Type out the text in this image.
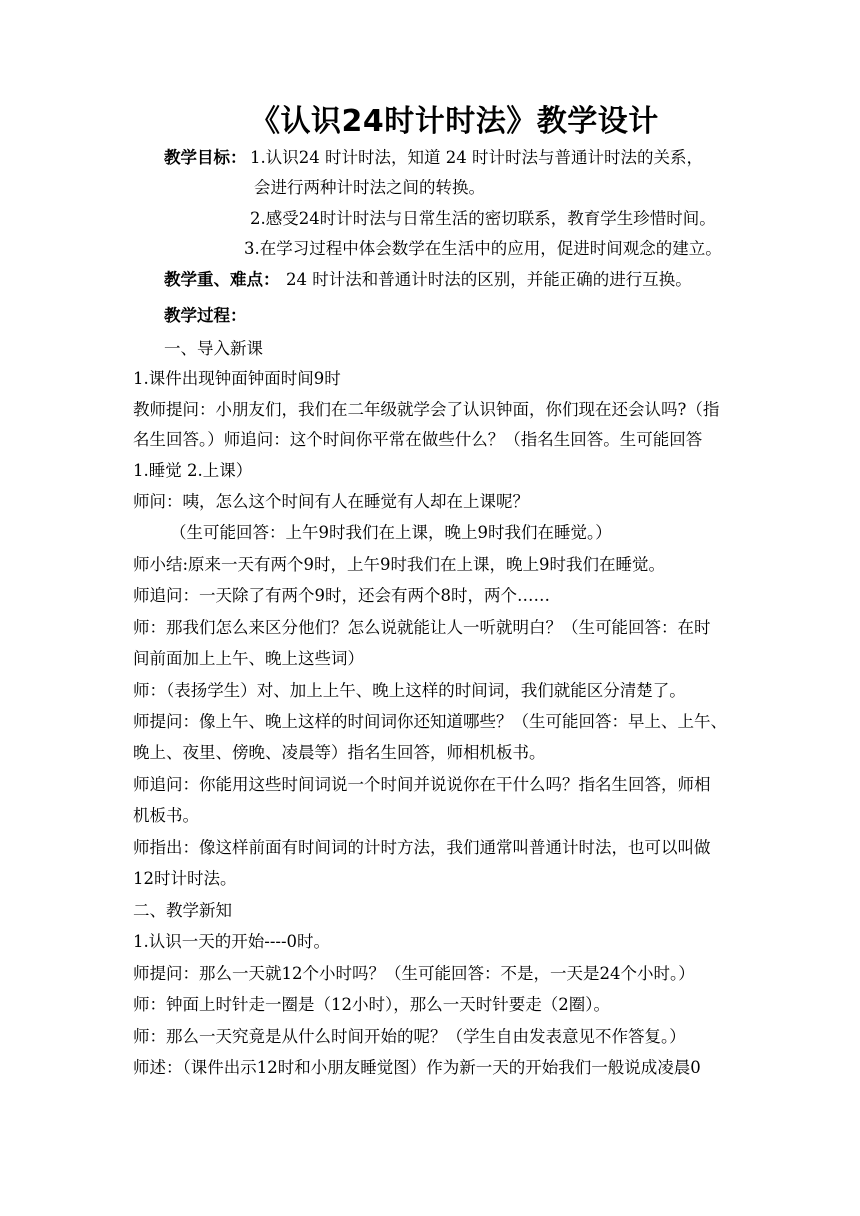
《认识24时计时法》教学设计
教学目标： 1.认识24 时计时法，知道 24 时计时法与普通计时法的关系，
会进行两种计时法之间的转换。
2.感受24时计时法与日常生活的密切联系，教育学生珍惜时间。
3.在学习过程中体会数学在生活中的应用，促进时间观念的建立。
教学重、难点： 24 时计法和普通计时法的区别，并能正确的进行互换。
教学过程：
一、导入新课
1.课件出现钟面钟面时间9时
教师提问：小朋友们，我们在二年级就学会了认识钟面，你们现在还会认吗?（指
名生回答。）师追问：这个时间你平常在做些什么？（指名生回答。生可能回答
1.睡觉 2.上课）
师问：咦，怎么这个时间有人在睡觉有人却在上课呢？
（生可能回答：上午9时我们在上课，晚上9时我们在睡觉。）
师小结:原来一天有两个9时，上午9时我们在上课，晚上9时我们在睡觉。
师追问：一天除了有两个9时，还会有两个8时，两个……
师：那我们怎么来区分他们？怎么说就能让人一听就明白？（生可能回答：在时
间前面加上上午、晚上这些词）
师：（表扬学生）对、加上上午、晚上这样的时间词，我们就能区分清楚了。
师提问：像上午、晚上这样的时间词你还知道哪些？（生可能回答：早上、上午、
晚上、夜里、傍晚、凌晨等）指名生回答，师相机板书。
师追问：你能用这些时间词说一个时间并说说你在干什么吗？指名生回答，师相
机板书。
师指出：像这样前面有时间词的计时方法，我们通常叫普通计时法，也可以叫做
12时计时法。
二、教学新知
1.认识一天的开始----0时。
师提问：那么一天就12个小时吗？（生可能回答：不是，一天是24个小时。）
师：钟面上时针走一圈是（12小时），那么一天时针要走（2圈）。
师：那么一天究竟是从什么时间开始的呢？（学生自由发表意见不作答复。）
师述：（课件出示12时和小朋友睡觉图）作为新一天的开始我们一般说成凌晨0
